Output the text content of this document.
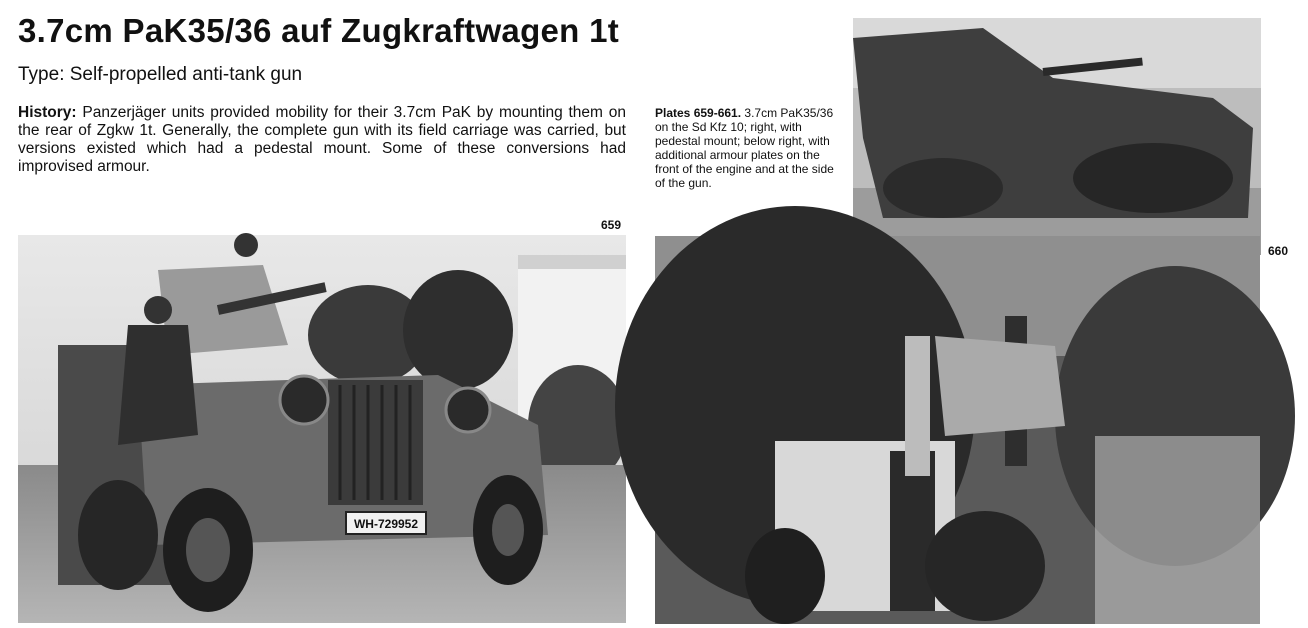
3.7cm PaK35/36 auf Zugkraftwagen 1t
Type: Self-propelled anti-tank gun
History: Panzerjäger units provided mobility for their 3.7cm PaK by mounting them on the rear of Zgkw 1t. Generally, the complete gun with its field carriage was carried, but versions existed which had a pedestal mount. Some of these conversions had improvised armour.
Plates 659-661. 3.7cm PaK35/36 on the Sd Kfz 10; right, with pedestal mount; below right, with additional armour plates on the front of the engine and at the side of the gun.
659
660
WH-729952
